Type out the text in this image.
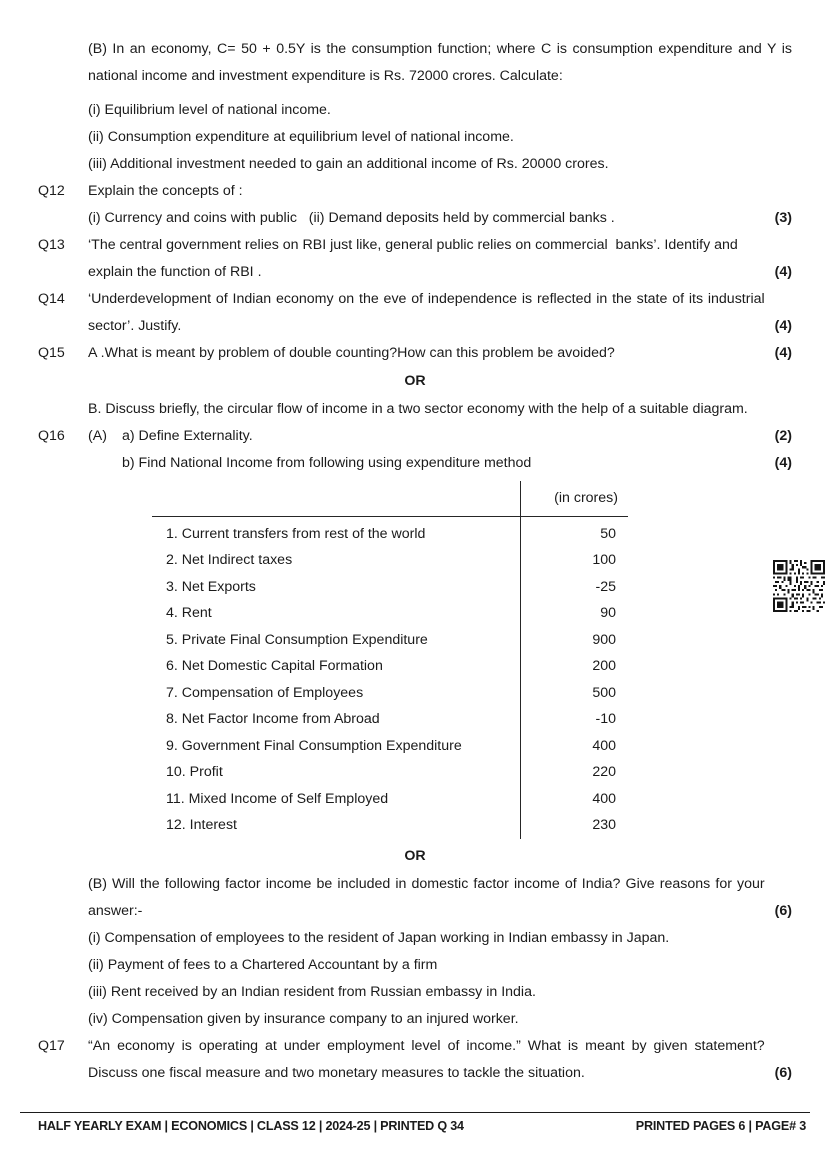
(B) In an economy, C= 50 + 0.5Y is the consumption function; where C is consumption expenditure and Y is national income and investment expenditure is Rs. 72000 crores. Calculate:
(i) Equilibrium level of national income.
(ii) Consumption expenditure at equilibrium level of national income.
(iii) Additional investment needed to gain an additional income of Rs. 20000 crores.
Q12	Explain the concepts of :
(i) Currency and coins with public   (ii) Demand deposits held by commercial banks .	(3)
Q13	‘The central government relies on RBI just like, general public relies on commercial  banks’. Identify and explain the function of RBI .	(4)
Q14	‘Underdevelopment of Indian economy on the eve of independence is reflected in the state of its industrial sector’. Justify.	(4)
Q15	A .What is meant by problem of double counting?How can this problem be avoided?	(4)
OR
B. Discuss briefly, the circular flow of income in a two sector economy with the help of a suitable diagram.
Q16	(A)	a) Define Externality.	(2)
b) Find National Income from following using expenditure method	(4)
	(in crores)
1. Current transfers from rest of the world	50
2. Net Indirect taxes	100
3. Net Exports	-25
4. Rent	90
5. Private Final Consumption Expenditure	900
6. Net Domestic Capital Formation	200
7. Compensation of Employees	500
8. Net Factor Income from Abroad	-10
9. Government Final Consumption Expenditure	400
10. Profit	220
11. Mixed Income of Self Employed	400
12. Interest	230
OR
(B) Will the following factor income be included in domestic factor income of India? Give reasons for your answer:-	(6)
(i) Compensation of employees to the resident of Japan working in Indian embassy in Japan.
(ii) Payment of fees to a Chartered Accountant by a firm
(iii) Rent received by an Indian resident from Russian embassy in India.
(iv) Compensation given by insurance company to an injured worker.
Q17	“An economy is operating at under employment level of income.” What is meant by given statement? Discuss one fiscal measure and two monetary measures to tackle the situation.	(6)
HALF YEARLY EXAM | ECONOMICS | CLASS 12 | 2024-25 | PRINTED Q 34	PRINTED PAGES 6 | PAGE# 3
